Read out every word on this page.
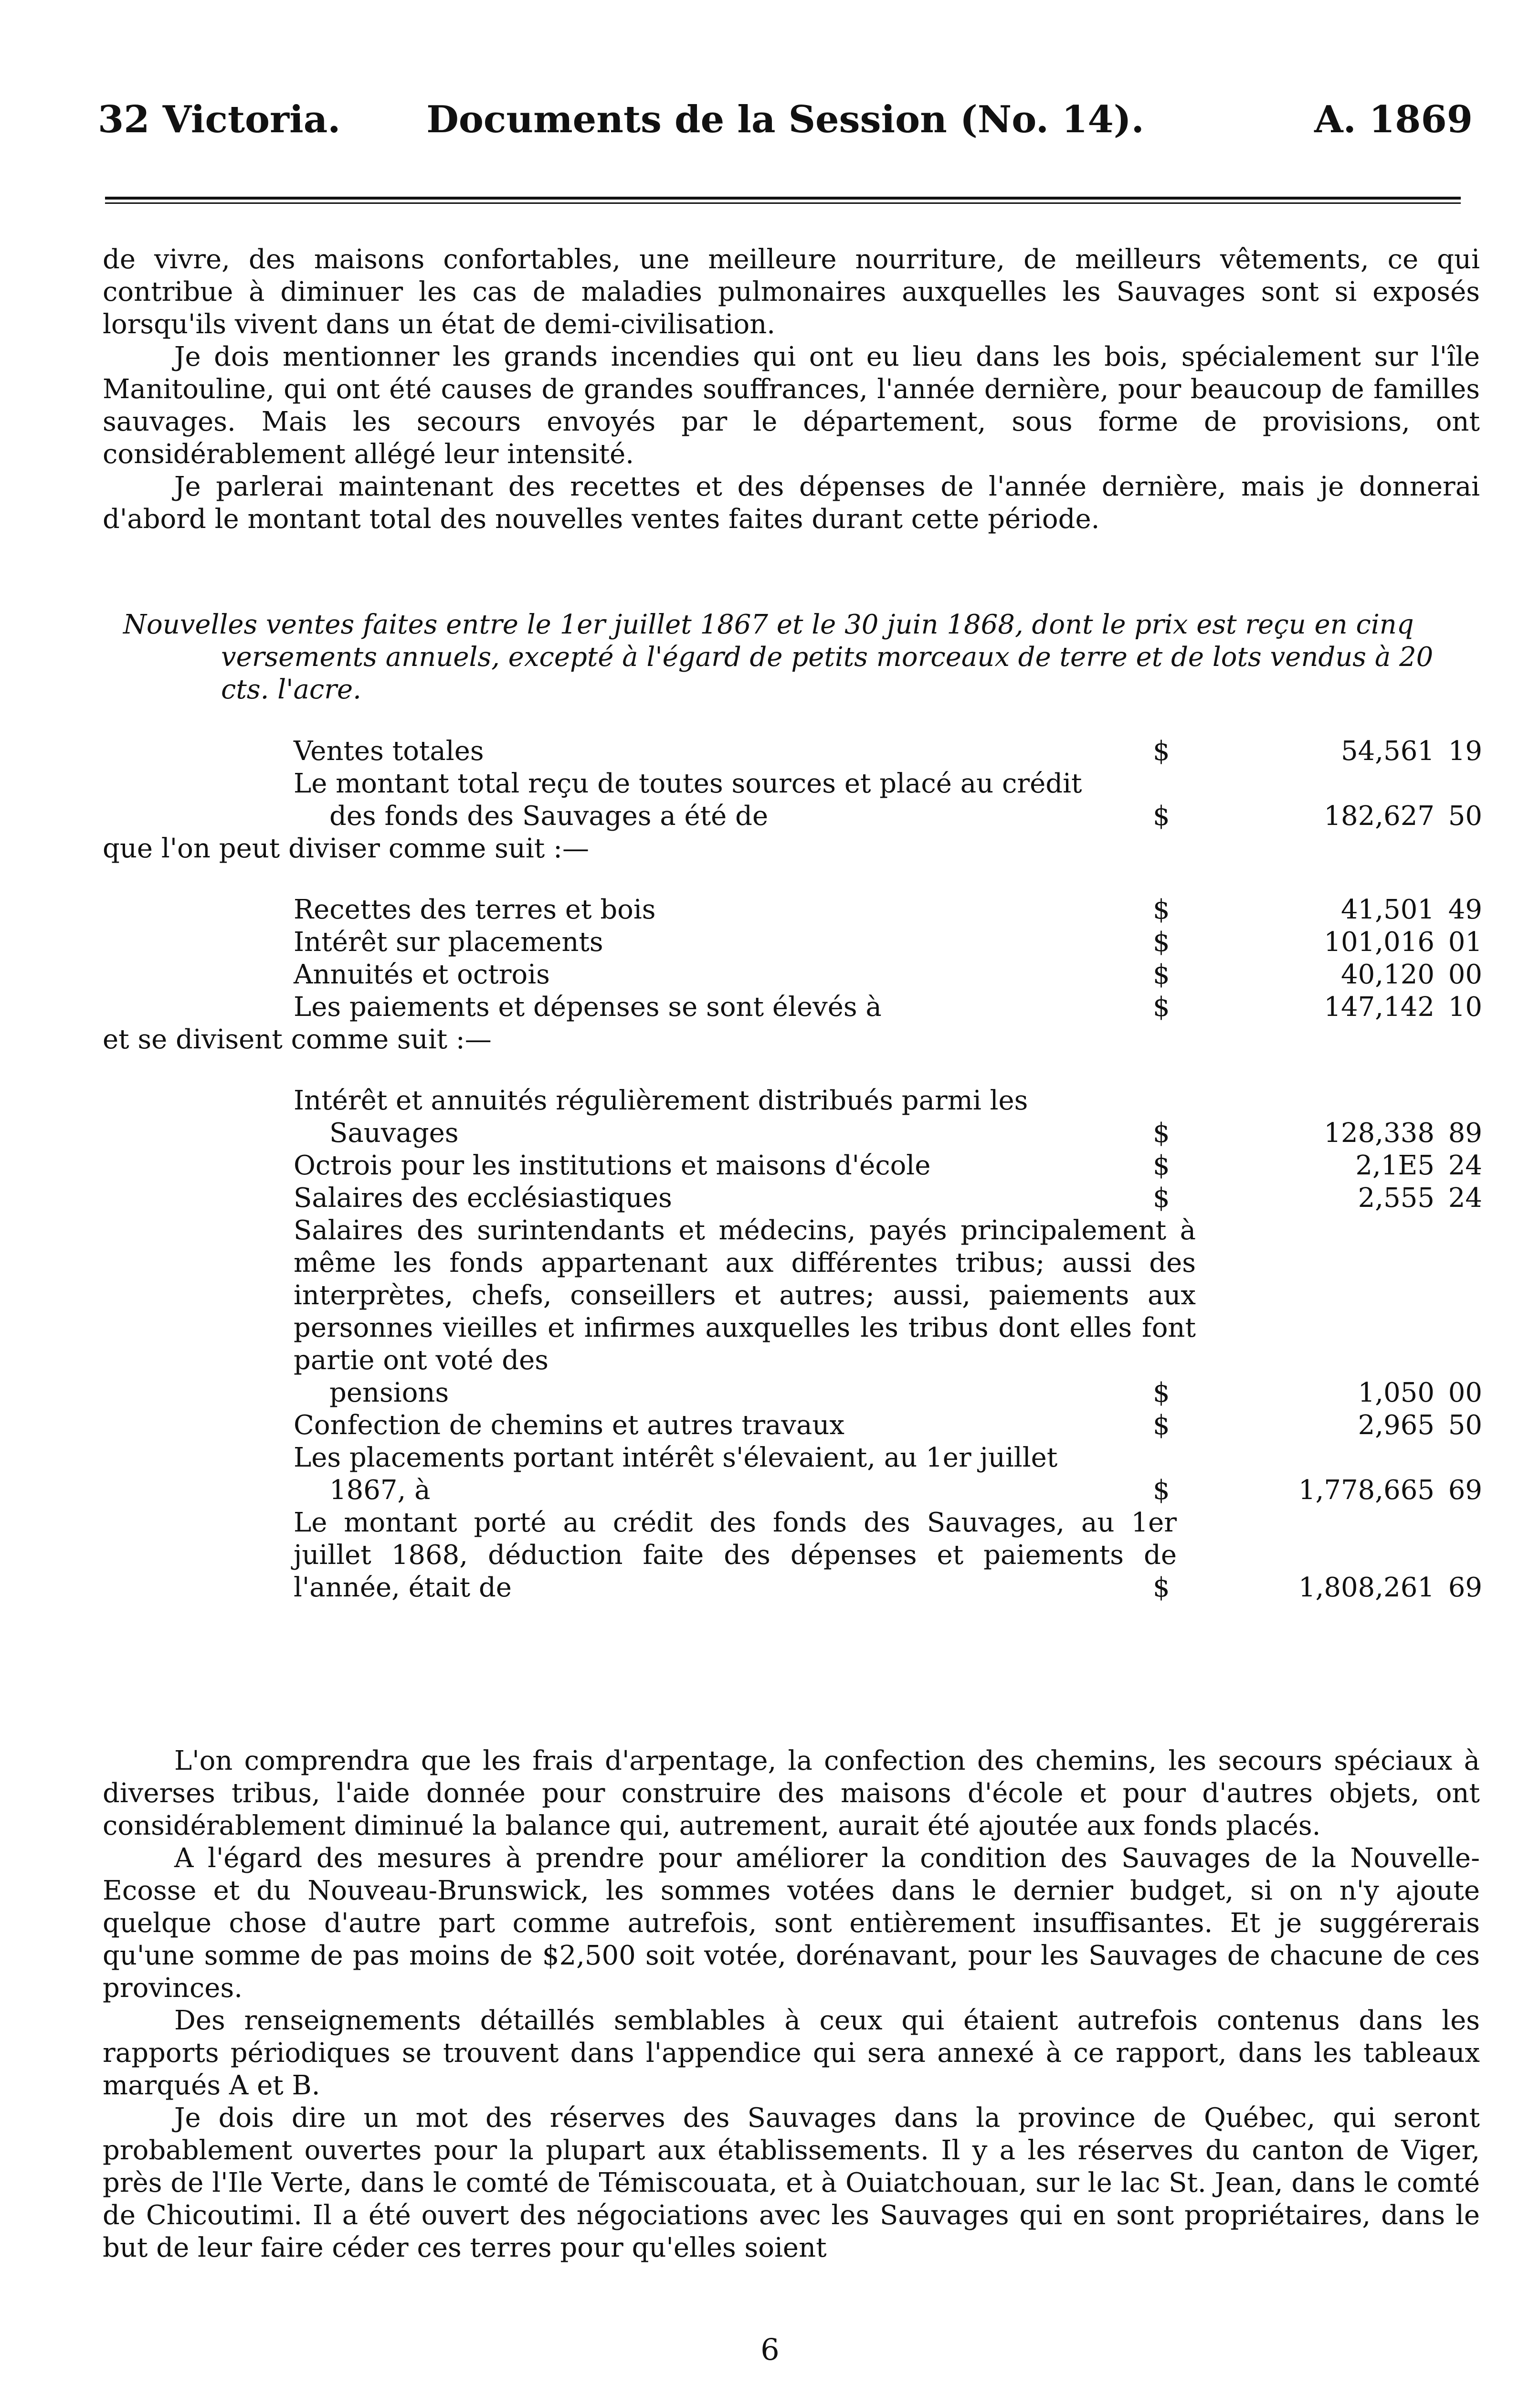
32 Victoria.	Documents de la Session (No. 14).	A. 1869

de vivre, des maisons confortables, une meilleure nourriture, de meilleurs vêtements, ce qui contribue à diminuer les cas de maladies pulmonaires auxquelles les Sauvages sont si exposés lorsqu'ils vivent dans un état de demi-civilisation.

Je dois mentionner les grands incendies qui ont eu lieu dans les bois, spécialement sur l'île Manitouline, qui ont été causes de grandes souffrances, l'année dernière, pour beaucoup de familles sauvages. Mais les secours envoyés par le département, sous forme de provisions, ont considérablement allégé leur intensité.

Je parlerai maintenant des recettes et des dépenses de l'année dernière, mais je donnerai d'abord le montant total des nouvelles ventes faites durant cette période.

Nouvelles ventes faites entre le 1er juillet 1867 et le 30 juin 1868, dont le prix est reçu en cinq versements annuels, excepté à l'égard de petits morceaux de terre et de lots vendus à 20 cts. l'acre.

Ventes totales	$	54,561 19
Le montant total reçu de toutes sources et placé au crédit
des fonds des Sauvages a été de	$	182,627 50
que l'on peut diviser comme suit :—
Recettes des terres et bois	$	41,501 49
Intérêt sur placements	$	101,016 01
Annuités et octrois	$	40,120 00
Les paiements et dépenses se sont élevés à	$	147,142 10
et se divisent comme suit :—
Intérêt et annuités régulièrement distribués parmi les
Sauvages	$	128,338 89
Octrois pour les institutions et maisons d'école	$	2,1E5 24
Salaires des ecclésiastiques	$	2,555 24
Salaires des surintendants et médecins, payés principalement à même les fonds appartenant aux différentes tribus; aussi des interprètes, chefs, conseillers et autres; aussi, paiements aux personnes vieilles et infirmes auxquelles les tribus dont elles font partie ont voté des
pensions	$	1,050 00
Confection de chemins et autres travaux	$	2,965 50
Les placements portant intérêt s'élevaient, au 1er juillet
1867, à	$	1,778,665 69
Le montant porté au crédit des fonds des Sauvages, au 1er juillet 1868, déduction faite des dépenses et paiements de l'année, était de	$	1,808,261 69

L'on comprendra que les frais d'arpentage, la confection des chemins, les secours spéciaux à diverses tribus, l'aide donnée pour construire des maisons d'école et pour d'autres objets, ont considérablement diminué la balance qui, autrement, aurait été ajoutée aux fonds placés.

A l'égard des mesures à prendre pour améliorer la condition des Sauvages de la Nouvelle-Ecosse et du Nouveau-Brunswick, les sommes votées dans le dernier budget, si on n'y ajoute quelque chose d'autre part comme autrefois, sont entièrement insuffisantes. Et je suggérerais qu'une somme de pas moins de $2,500 soit votée, dorénavant, pour les Sauvages de chacune de ces provinces.

Des renseignements détaillés semblables à ceux qui étaient autrefois contenus dans les rapports périodiques se trouvent dans l'appendice qui sera annexé à ce rapport, dans les tableaux marqués A et B.

Je dois dire un mot des réserves des Sauvages dans la province de Québec, qui seront probablement ouvertes pour la plupart aux établissements. Il y a les réserves du canton de Viger, près de l'Ile Verte, dans le comté de Témiscouata, et à Ouiatchouan, sur le lac St. Jean, dans le comté de Chicoutimi. Il a été ouvert des négociations avec les Sauvages qui en sont propriétaires, dans le but de leur faire céder ces terres pour qu'elles soient

6
